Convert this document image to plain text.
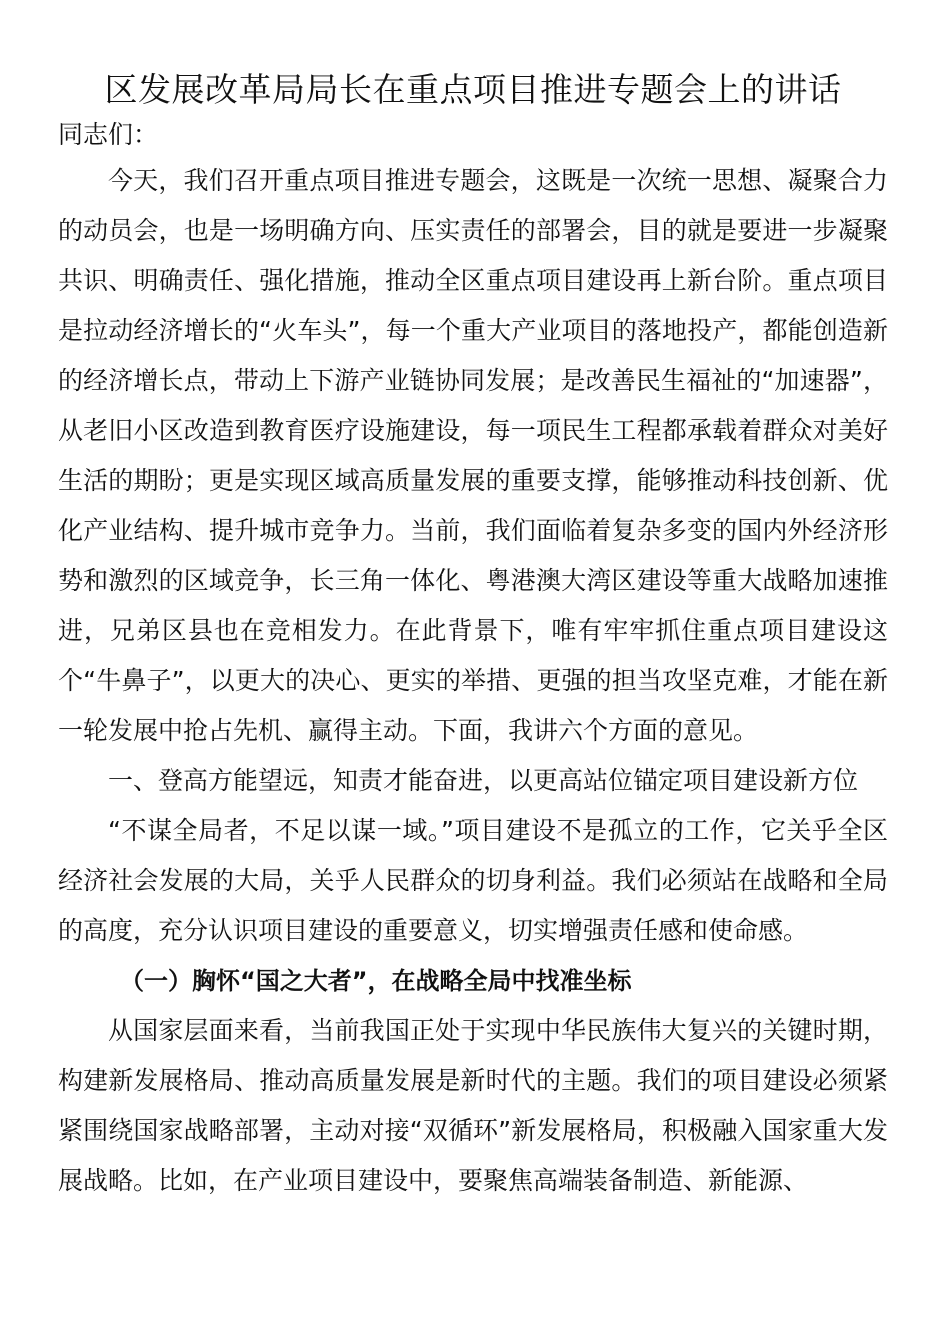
区发展改革局局长在重点项目推进专题会上的讲话

同志们：

今天，我们召开重点项目推进专题会，这既是一次统一思想、凝聚合力的动员会，也是一场明确方向、压实责任的部署会，目的就是要进一步凝聚共识、明确责任、强化措施，推动全区重点项目建设再上新台阶。重点项目是拉动经济增长的“火车头”，每一个重大产业项目的落地投产，都能创造新的经济增长点，带动上下游产业链协同发展；是改善民生福祉的“加速器”，从老旧小区改造到教育医疗设施建设，每一项民生工程都承载着群众对美好生活的期盼；更是实现区域高质量发展的重要支撑，能够推动科技创新、优化产业结构、提升城市竞争力。当前，我们面临着复杂多变的国内外经济形势和激烈的区域竞争，长三角一体化、粤港澳大湾区建设等重大战略加速推进，兄弟区县也在竞相发力。在此背景下，唯有牢牢抓住重点项目建设这个“牛鼻子”，以更大的决心、更实的举措、更强的担当攻坚克难，才能在新一轮发展中抢占先机、赢得主动。下面，我讲六个方面的意见。

一、登高方能望远，知责才能奋进，以更高站位锚定项目建设新方位

“不谋全局者，不足以谋一域。”项目建设不是孤立的工作，它关乎全区经济社会发展的大局，关乎人民群众的切身利益。我们必须站在战略和全局的高度，充分认识项目建设的重要意义，切实增强责任感和使命感。

（一）胸怀“国之大者”，在战略全局中找准坐标

从国家层面来看，当前我国正处于实现中华民族伟大复兴的关键时期，构建新发展格局、推动高质量发展是新时代的主题。我们的项目建设必须紧紧围绕国家战略部署，主动对接“双循环”新发展格局，积极融入国家重大发展战略。比如，在产业项目建设中，要聚焦高端装备制造、新能源、
